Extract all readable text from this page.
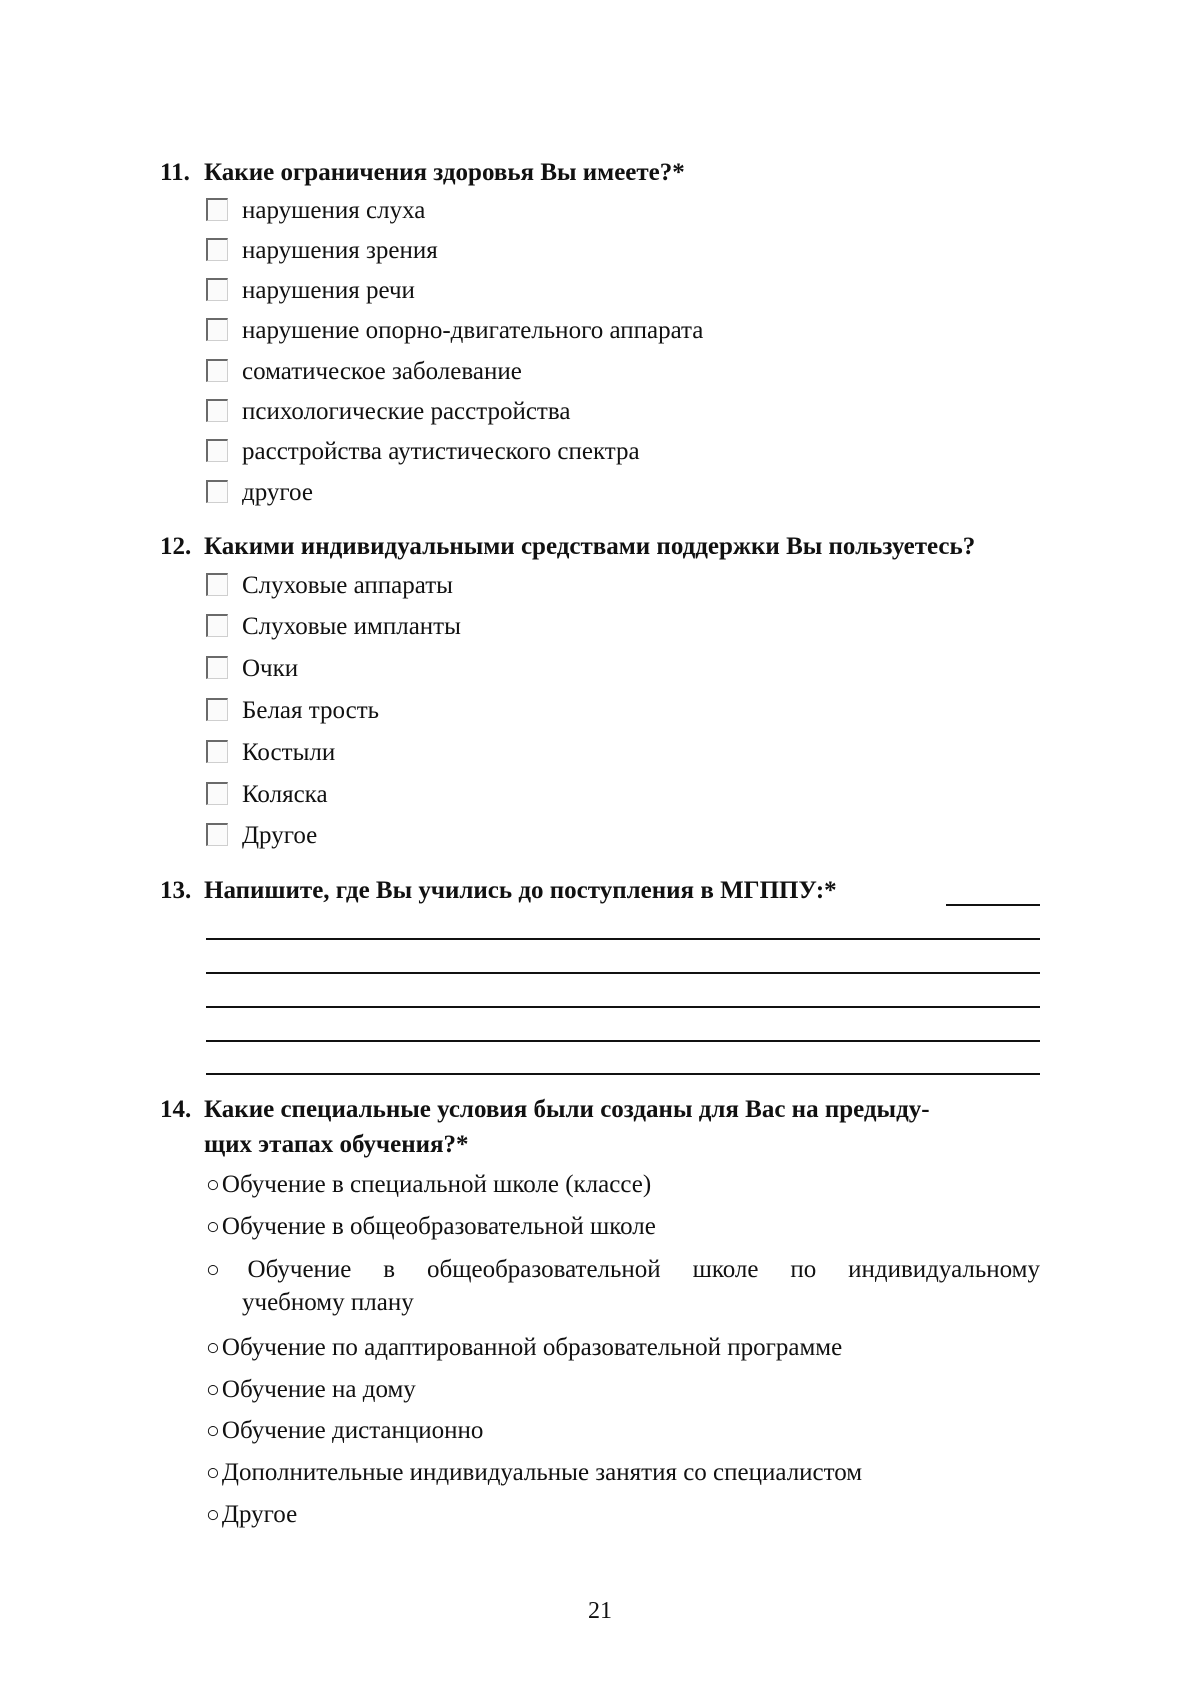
11. Какие ограничения здоровья Вы имеете?*
нарушения слуха
нарушения зрения
нарушения речи
нарушение опорно-двигательного аппарата
соматическое заболевание
психологические расстройства
расстройства аутистического спектра
другое
12. Какими индивидуальными средствами поддержки Вы пользуетесь?
Слуховые аппараты
Слуховые импланты
Очки
Белая трость
Костыли
Коляска
Другое
13. Напишите, где Вы учились до поступления в МГППУ:*
14. Какие специальные условия были созданы для Вас на предыду-
щих этапах обучения?*
○Обучение в специальной школе (классе)
○Обучение в общеобразовательной школе
○Обучение в общеобразовательной школе по индивидуальному
учебному плану
○Обучение по адаптированной образовательной программе
○Обучение на дому
○Обучение дистанционно
○Дополнительные индивидуальные занятия со специалистом
○Другое
21
